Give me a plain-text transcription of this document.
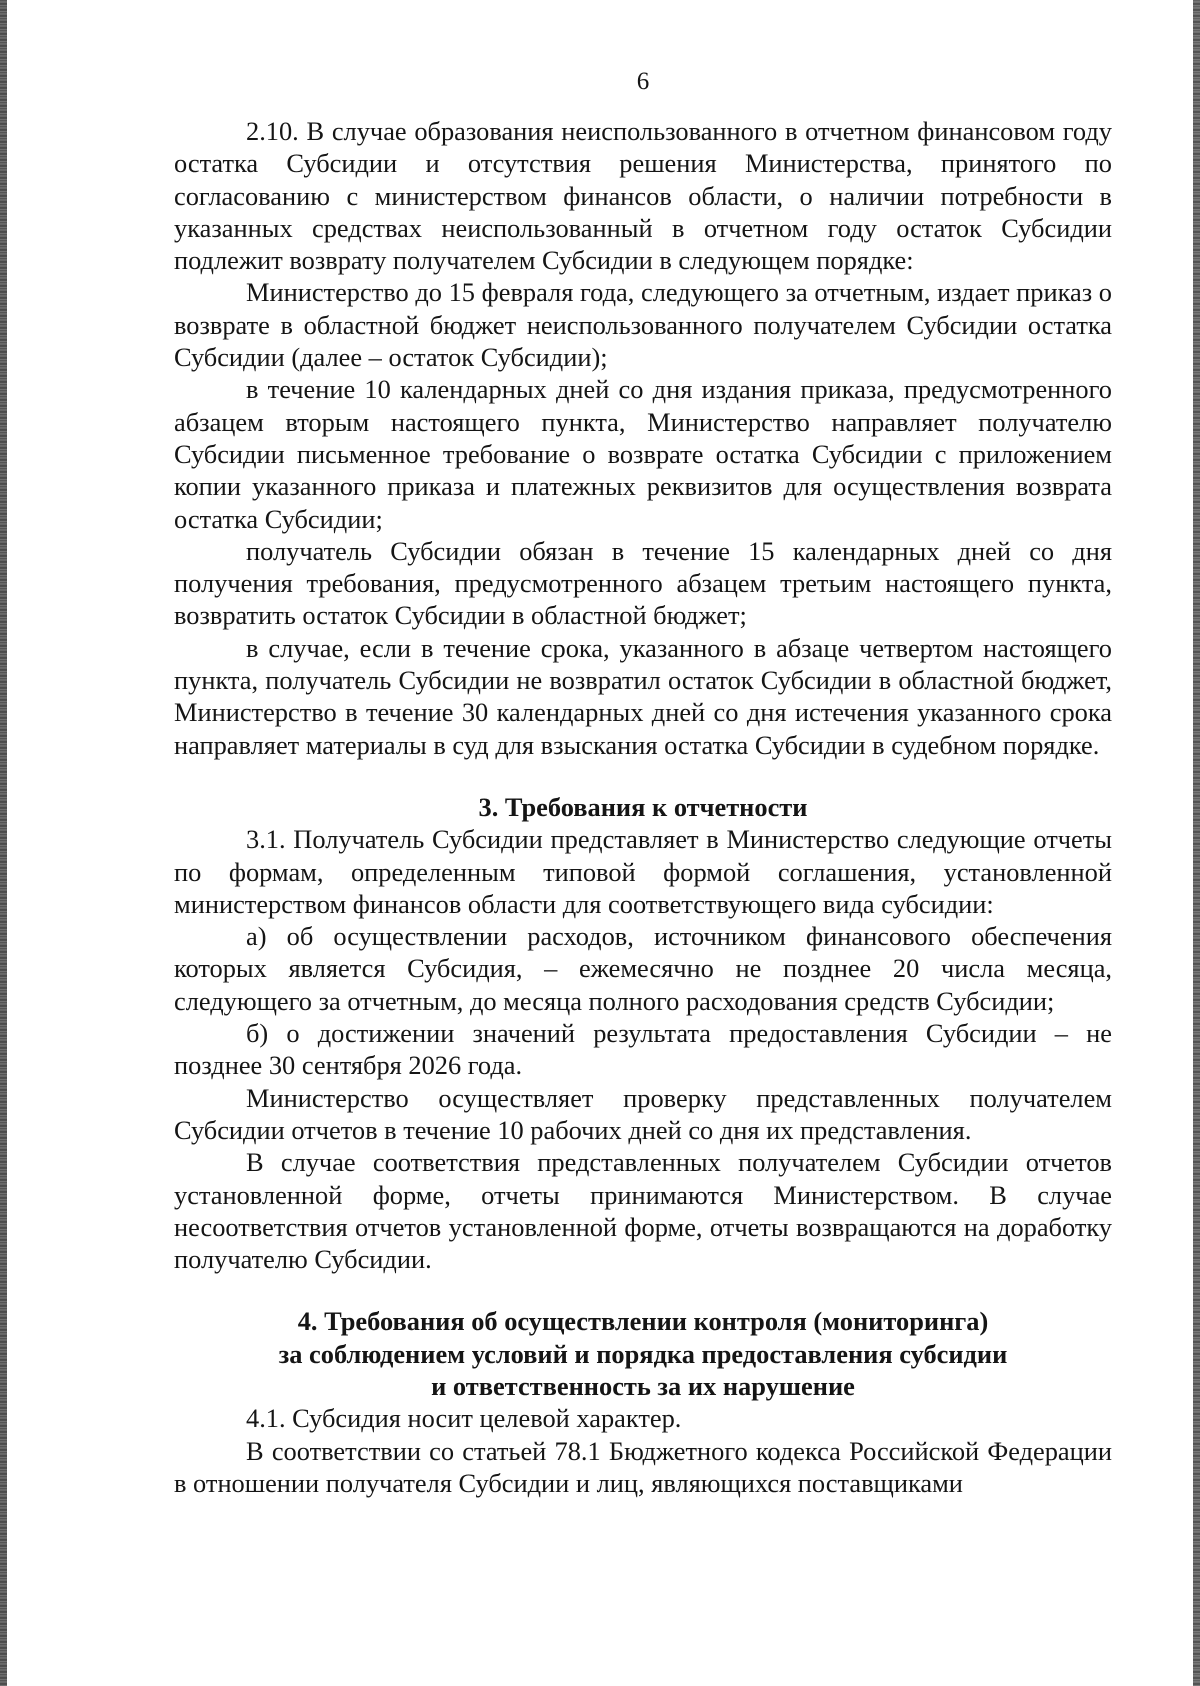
6

2.10. В случае образования неиспользованного в отчетном финансовом году остатка Субсидии и отсутствия решения Министерства, принятого по согласованию с министерством финансов области, о наличии потребности в указанных средствах неиспользованный в отчетном году остаток Субсидии подлежит возврату получателем Субсидии в следующем порядке:

Министерство до 15 февраля года, следующего за отчетным, издает приказ о возврате в областной бюджет неиспользованного получателем Субсидии остатка Субсидии (далее – остаток Субсидии);

в течение 10 календарных дней со дня издания приказа, предусмотренного абзацем вторым настоящего пункта, Министерство направляет получателю Субсидии письменное требование о возврате остатка Субсидии с приложением копии указанного приказа и платежных реквизитов для осуществления возврата остатка Субсидии;

получатель Субсидии обязан в течение 15 календарных дней со дня получения требования, предусмотренного абзацем третьим настоящего пункта, возвратить остаток Субсидии в областной бюджет;

в случае, если в течение срока, указанного в абзаце четвертом настоящего пункта, получатель Субсидии не возвратил остаток Субсидии в областной бюджет, Министерство в течение 30 календарных дней со дня истечения указанного срока направляет материалы в суд для взыскания остатка Субсидии в судебном порядке.

3. Требования к отчетности

3.1. Получатель Субсидии представляет в Министерство следующие отчеты по формам, определенным типовой формой соглашения, установленной министерством финансов области для соответствующего вида субсидии:

а) об осуществлении расходов, источником финансового обеспечения которых является Субсидия, – ежемесячно не позднее 20 числа месяца, следующего за отчетным, до месяца полного расходования средств Субсидии;

б) о достижении значений результата предоставления Субсидии – не позднее 30 сентября 2026 года.

Министерство осуществляет проверку представленных получателем Субсидии отчетов в течение 10 рабочих дней со дня их представления.

В случае соответствия представленных получателем Субсидии отчетов установленной форме, отчеты принимаются Министерством. В случае несоответствия отчетов установленной форме, отчеты возвращаются на доработку получателю Субсидии.

4. Требования об осуществлении контроля (мониторинга)

за соблюдением условий и порядка предоставления субсидии

и ответственность за их нарушение

4.1. Субсидия носит целевой характер.

В соответствии со статьей 78.1 Бюджетного кодекса Российской Федерации в отношении получателя Субсидии и лиц, являющихся поставщиками
